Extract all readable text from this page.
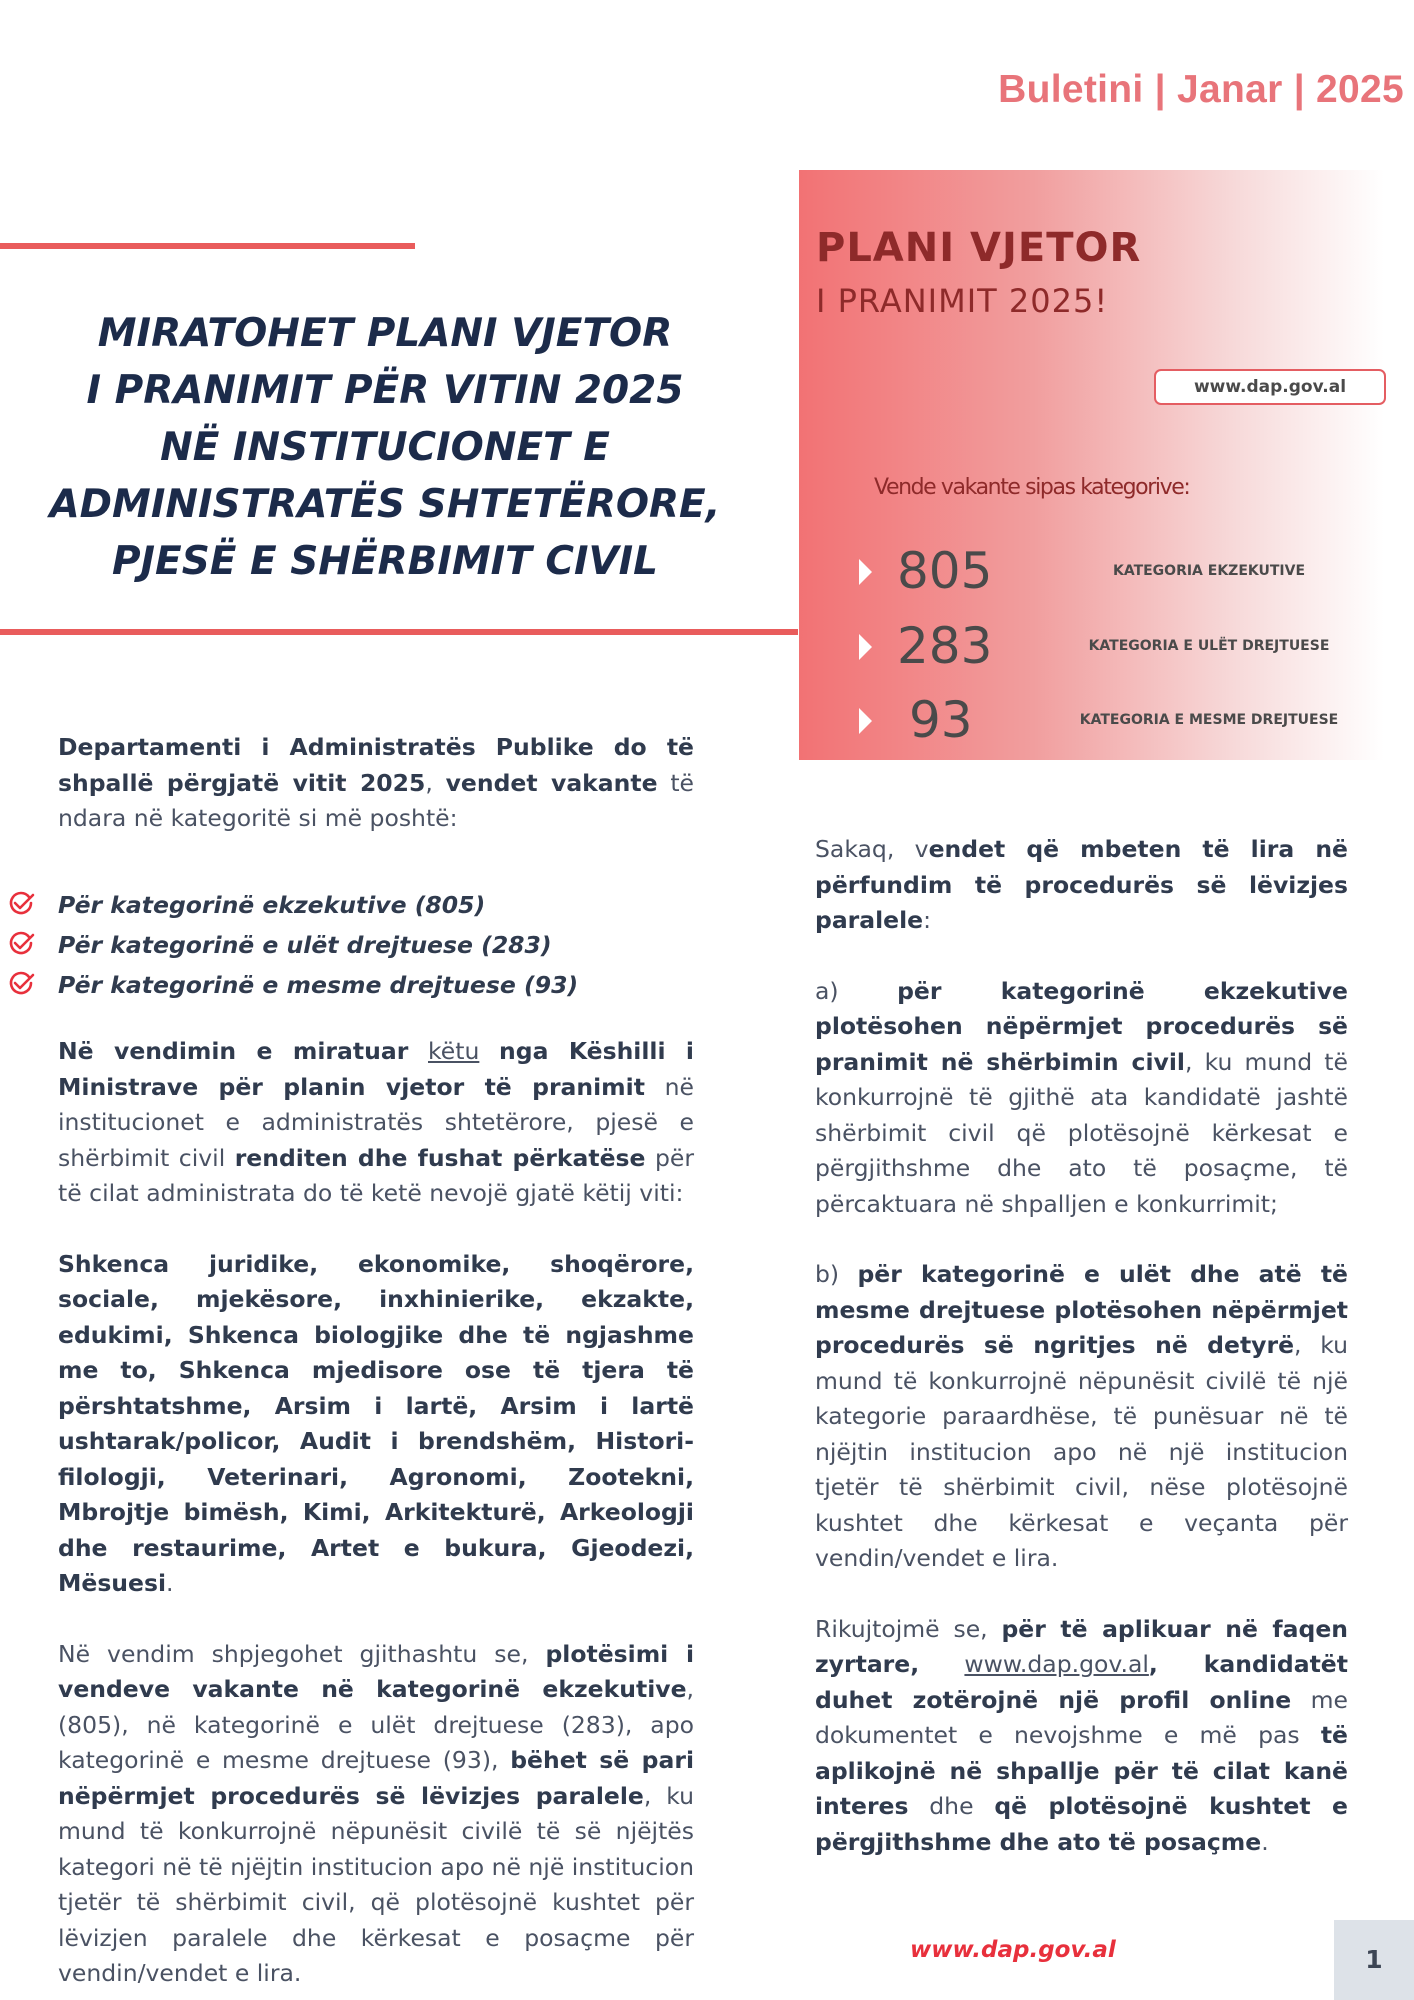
Buletini | Janar | 2025
MIRATOHET PLANI VJETOR
I PRANIMIT PËR VITIN 2025
NË INSTITUCIONET E
ADMINISTRATËS SHTETËRORE,
PJESË E SHËRBIMIT CIVIL
PLANI VJETOR
I PRANIMIT 2025!
www.dap.gov.al
Vende vakante sipas kategorive:
805	KATEGORIA EKZEKUTIVE
283	KATEGORIA E ULËT DREJTUESE
93	KATEGORIA E MESME DREJTUESE

Departamenti i Administratës Publike do të shpallë përgjatë vitit 2025, vendet vakante të ndara në kategoritë si më poshtë:

Për kategorinë ekzekutive (805)
Për kategorinë e ulët drejtuese (283)
Për kategorinë e mesme drejtuese (93)

Në vendimin e miratuar këtu nga Këshilli i Ministrave për planin vjetor të pranimit në institucionet e administratës shtetërore, pjesë e shërbimit civil renditen dhe fushat përkatëse për të cilat administrata do të ketë nevojë gjatë këtij viti:

Shkenca juridike, ekonomike, shoqërore, sociale, mjekësore, inxhinierike, ekzakte, edukimi, Shkenca biologjike dhe të ngjashme me to, Shkenca mjedisore ose të tjera të përshtatshme, Arsim i lartë, Arsim i lartë ushtarak/policor, Audit i brendshëm, Histori-filologji, Veterinari, Agronomi, Zootekni, Mbrojtje bimësh, Kimi, Arkitekturë, Arkeologji dhe restaurime, Artet e bukura, Gjeodezi, Mësuesi.

Në vendim shpjegohet gjithashtu se, plotësimi i vendeve vakante në kategorinë ekzekutive, (805), në kategorinë e ulët drejtuese (283), apo kategorinë e mesme drejtuese (93), bëhet së pari nëpërmjet procedurës së lëvizjes paralele, ku mund të konkurrojnë nëpunësit civilë të së njëjtës kategori në të njëjtin institucion apo në një institucion tjetër të shërbimit civil, që plotësojnë kushtet për lëvizjen paralele dhe kërkesat e posaçme për vendin/vendet e lira.

Sakaq, vendet që mbeten të lira në përfundim të procedurës së lëvizjes paralele:

a) për kategorinë ekzekutive plotësohen nëpërmjet procedurës së pranimit në shërbimin civil, ku mund të konkurrojnë të gjithë ata kandidatë jashtë shërbimit civil që plotësojnë kërkesat e përgjithshme dhe ato të posaçme, të përcaktuara në shpalljen e konkurrimit;

b) për kategorinë e ulët dhe atë të mesme drejtuese plotësohen nëpërmjet procedurës së ngritjes në detyrë, ku mund të konkurrojnë nëpunësit civilë të një kategorie paraardhëse, të punësuar në të njëjtin institucion apo në një institucion tjetër të shërbimit civil, nëse plotësojnë kushtet dhe kërkesat e veçanta për vendin/vendet e lira.

Rikujtojmë se, për të aplikuar në faqen zyrtare, www.dap.gov.al, kandidatët duhet zotërojnë një profil online me dokumentet e nevojshme e më pas të aplikojnë në shpallje për të cilat kanë interes dhe që plotësojnë kushtet e përgjithshme dhe ato të posaçme.

www.dap.gov.al	1
